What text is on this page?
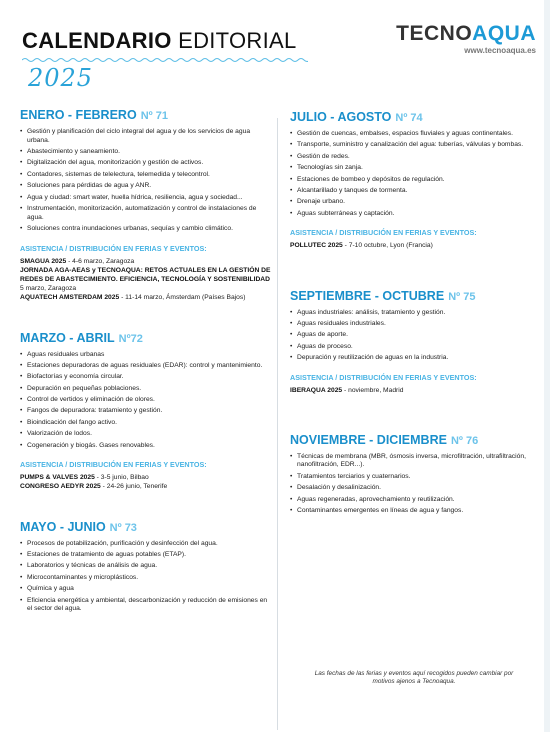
CALENDARIO EDITORIAL	TECNOAQUA
www.tecnoaqua.es
2025
ENERO - FEBRERO Nº 71
• Gestión y planificación del ciclo integral del agua y de los servicios de agua urbana.
• Abastecimiento y saneamiento.
• Digitalización del agua, monitorización y gestión de activos.
• Contadores, sistemas de telelectura, telemedida y telecontrol.
• Soluciones para pérdidas de agua y ANR.
• Agua y ciudad: smart water, huella hídrica, resiliencia, agua y sociedad...
• Instrumentación, monitorización, automatización y control de instalaciones de agua.
• Soluciones contra inundaciones urbanas, sequías y cambio climático.
ASISTENCIA / DISTRIBUCIÓN EN FERIAS Y EVENTOS:
SMAGUA 2025 - 4-6 marzo, Zaragoza
JORNADA AGA-AEAS y TECNOAQUA: RETOS ACTUALES EN LA GESTIÓN DE REDES DE ABASTECIMIENTO. EFICIENCIA, TECNOLOGÍA Y SOSTENIBILIDAD
5 marzo, Zaragoza
AQUATECH AMSTERDAM 2025 - 11-14 marzo, Ámsterdam (Países Bajos)
MARZO - ABRIL Nº72
• Aguas residuales urbanas
• Estaciones depuradoras de aguas residuales (EDAR): control y mantenimiento.
• Biofactorías y economía circular.
• Depuración en pequeñas poblaciones.
• Control de vertidos y eliminación de olores.
• Fangos de depuradora: tratamiento y gestión.
• Bioindicación del fango activo.
• Valorización de lodos.
• Cogeneración y biogás. Gases renovables.
ASISTENCIA / DISTRIBUCIÓN EN FERIAS Y EVENTOS:
PUMPS & VALVES 2025 - 3-5 junio, Bilbao
CONGRESO AEDYR 2025 - 24-26 junio, Tenerife
MAYO - JUNIO Nº 73
• Procesos de potabilización, purificación y desinfección del agua.
• Estaciones de tratamiento de aguas potables (ETAP).
• Laboratorios y técnicas de análisis de agua.
• Microcontaminantes y microplásticos.
• Química y agua
• Eficiencia energética y ambiental, descarbonización y reducción de emisiones en el sector del agua.
JULIO - AGOSTO Nº 74
• Gestión de cuencas, embalses, espacios fluviales y aguas continentales.
• Transporte, suministro y canalización del agua: tuberías, válvulas y bombas.
• Gestión de redes.
• Tecnologías sin zanja.
• Estaciones de bombeo y depósitos de regulación.
• Alcantarillado y tanques de tormenta.
• Drenaje urbano.
• Aguas subterráneas y captación.
ASISTENCIA / DISTRIBUCIÓN EN FERIAS Y EVENTOS:
POLLUTEC 2025 - 7-10 octubre, Lyon (Francia)
SEPTIEMBRE - OCTUBRE Nº 75
• Aguas industriales: análisis, tratamiento y gestión.
• Aguas residuales industriales.
• Aguas de aporte.
• Aguas de proceso.
• Depuración y reutilización de aguas en la industria.
ASISTENCIA / DISTRIBUCIÓN EN FERIAS Y EVENTOS:
IBERAQUA 2025 - noviembre, Madrid
NOVIEMBRE - DICIEMBRE Nº 76
• Técnicas de membrana (MBR, ósmosis inversa, microfiltración, ultrafiltración, nanofiltración, EDR...).
• Tratamientos terciarios y cuaternarios.
• Desalación y desalinización.
• Aguas regeneradas, aprovechamiento y reutilización.
• Contaminantes emergentes en líneas de agua y fangos.
Las fechas de las ferias y eventos aquí recogidos pueden cambiar por motivos ajenos a Tecnoaqua.
